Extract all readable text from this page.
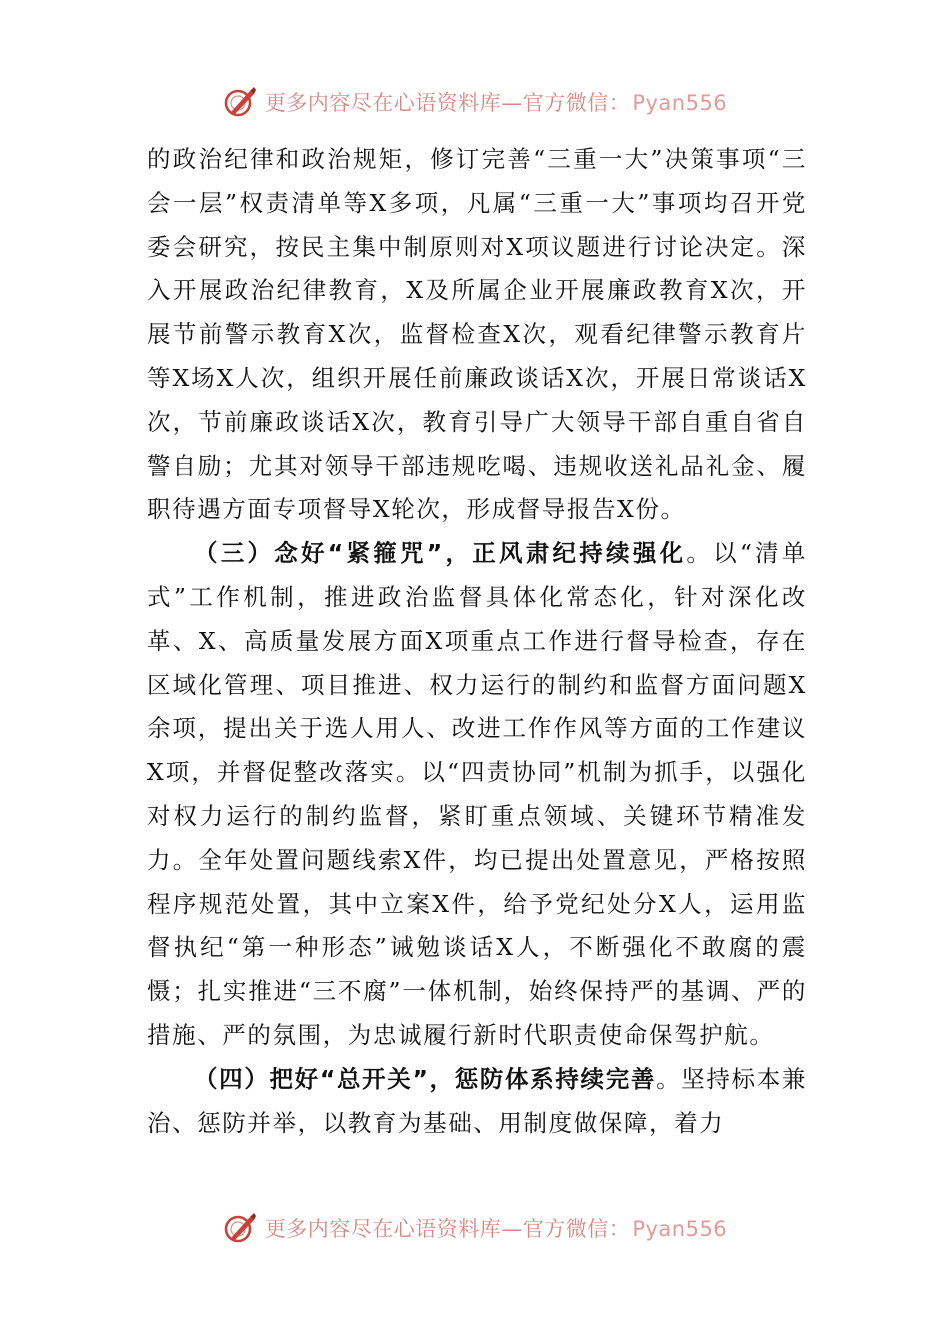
更多内容尽在心语资料库—官方微信：Pyan556

的政治纪律和政治规矩，修订完善“三重一大”决策事项“三会一层”权责清单等X多项，凡属“三重一大”事项均召开党委会研究，按民主集中制原则对X项议题进行讨论决定。深入开展政治纪律教育，X及所属企业开展廉政教育X次，开展节前警示教育X次，监督检查X次，观看纪律警示教育片等X场X人次，组织开展任前廉政谈话X次，开展日常谈话X次，节前廉政谈话X次，教育引导广大领导干部自重自省自警自励；尤其对领导干部违规吃喝、违规收送礼品礼金、履职待遇方面专项督导X轮次，形成督导报告X份。

（三）念好“紧箍咒”，正风肃纪持续强化。以“清单式”工作机制，推进政治监督具体化常态化，针对深化改革、X、高质量发展方面X项重点工作进行督导检查，存在区域化管理、项目推进、权力运行的制约和监督方面问题X余项，提出关于选人用人、改进工作作风等方面的工作建议X项，并督促整改落实。以“四责协同”机制为抓手，以强化对权力运行的制约监督，紧盯重点领域、关键环节精准发力。全年处置问题线索X件，均已提出处置意见，严格按照程序规范处置，其中立案X件，给予党纪处分X人，运用监督执纪“第一种形态”诫勉谈话X人，不断强化不敢腐的震慑；扎实推进“三不腐”一体机制，始终保持严的基调、严的措施、严的氛围，为忠诚履行新时代职责使命保驾护航。

（四）把好“总开关”，惩防体系持续完善。坚持标本兼治、惩防并举，以教育为基础、用制度做保障，着力

更多内容尽在心语资料库—官方微信：Pyan556
